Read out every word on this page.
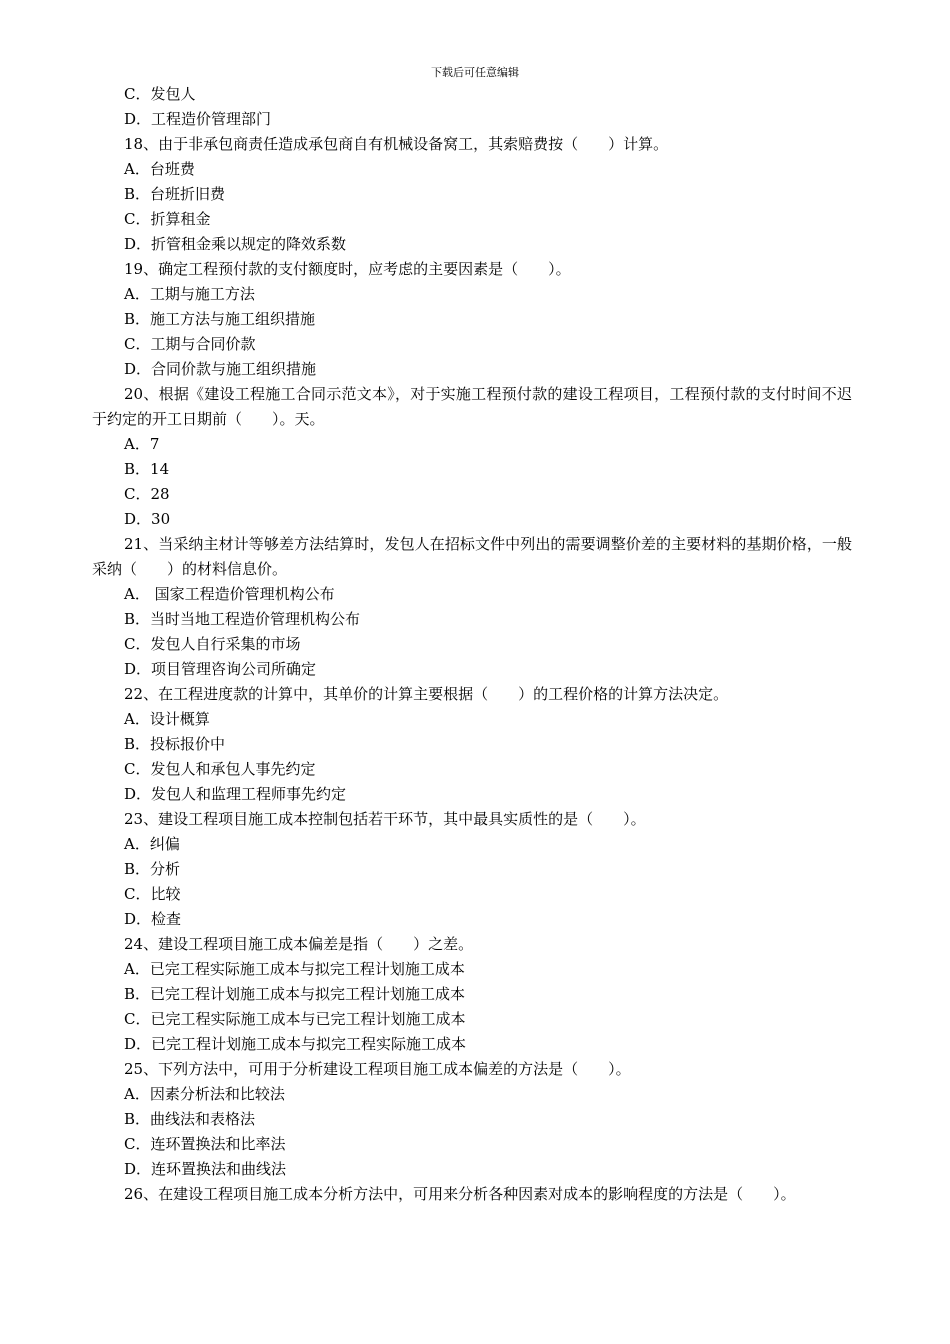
下载后可任意编辑
C．发包人
D．工程造价管理部门
18、由于非承包商责任造成承包商自有机械设备窝工，其索赔费按（　　）计算。
A．台班费
B．台班折旧费
C．折算租金
D．折管租金乘以规定的降效系数
19、确定工程预付款的支付额度时，应考虑的主要因素是（　　）。
A．工期与施工方法
B．施工方法与施工组织措施
C．工期与合同价款
D．合同价款与施工组织措施
20、根据《建设工程施工合同示范文本》，对于实施工程预付款的建设工程项目，工程预付款的支付时间不迟于约定的开工日期前（　　）。天。
A．7
B．14
C．28
D．30
21、当采纳主材计等够差方法结算时，发包人在招标文件中列出的需要调整价差的主要材料的基期价格，一般采纳（　　）的材料信息价。
A． 国家工程造价管理机构公布
B．当时当地工程造价管理机构公布
C．发包人自行采集的市场
D．项目管理咨询公司所确定
22、在工程进度款的计算中，其单价的计算主要根据（　　）的工程价格的计算方法决定。
A．设计概算
B．投标报价中
C．发包人和承包人事先约定
D．发包人和监理工程师事先约定
23、建设工程项目施工成本控制包括若干环节，其中最具实质性的是（　　）。
A．纠偏
B．分析
C．比较
D．检查
24、建设工程项目施工成本偏差是指（　　）之差。
A．已完工程实际施工成本与拟完工程计划施工成本
B．已完工程计划施工成本与拟完工程计划施工成本
C．已完工程实际施工成本与已完工程计划施工成本
D．已完工程计划施工成本与拟完工程实际施工成本
25、下列方法中，可用于分析建设工程项目施工成本偏差的方法是（　　）。
A．因素分析法和比较法
B．曲线法和表格法
C．连环置换法和比率法
D．连环置换法和曲线法
26、在建设工程项目施工成本分析方法中，可用来分析各种因素对成本的影响程度的方法是（　　）。
